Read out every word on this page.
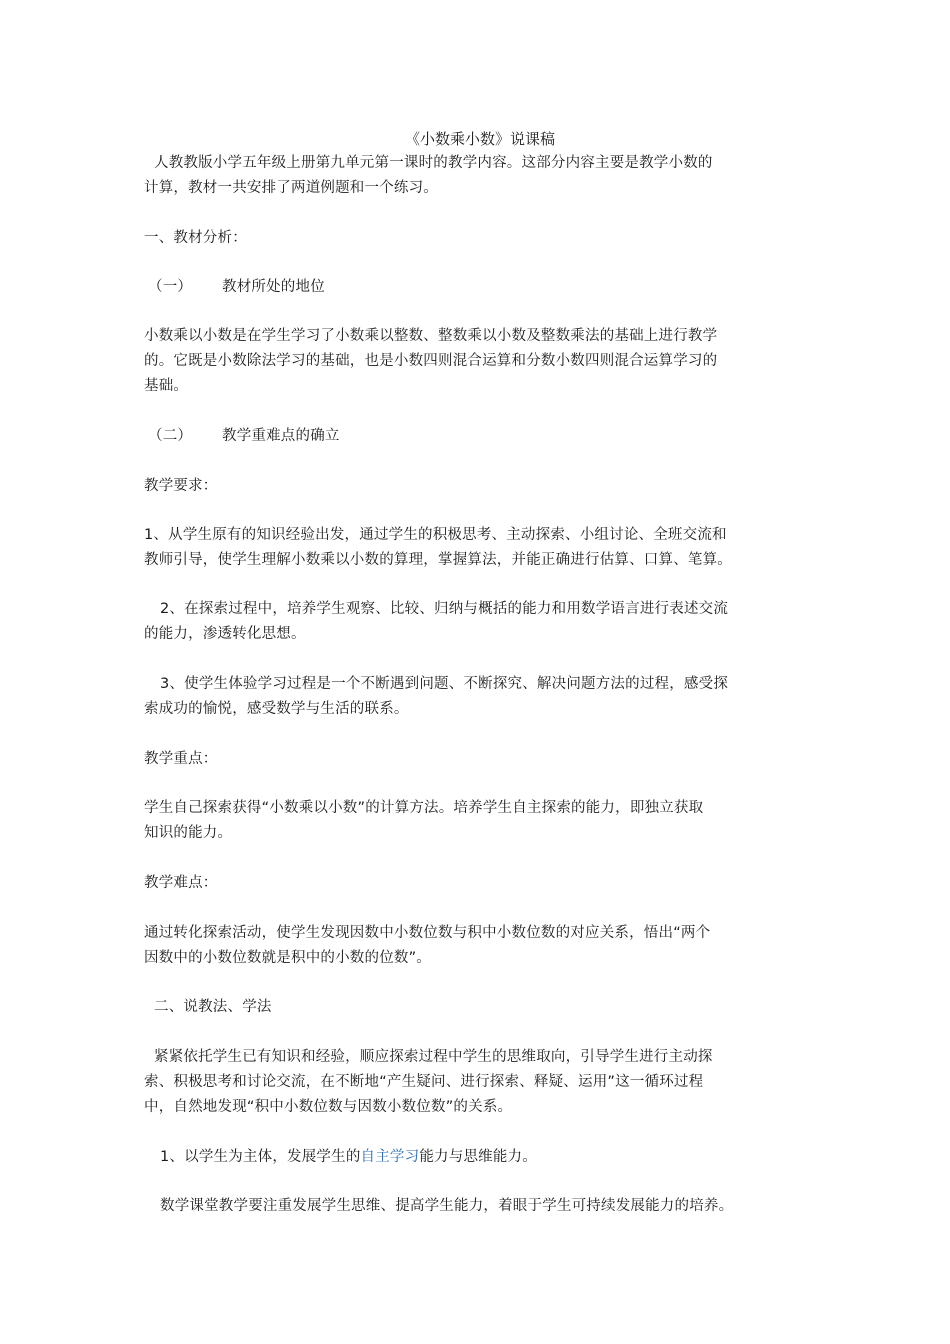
《小数乘小数》说课稿
人教教版小学五年级上册第九单元第一课时的教学内容。这部分内容主要是教学小数的
计算，教材一共安排了两道例题和一个练习。
一、教材分析：
（一） 教材所处的地位
小数乘以小数是在学生学习了小数乘以整数、整数乘以小数及整数乘法的基础上进行教学
的。它既是小数除法学习的基础，也是小数四则混合运算和分数小数四则混合运算学习的
基础。
（二） 教学重难点的确立
教学要求：
1、从学生原有的知识经验出发，通过学生的积极思考、主动探索、小组讨论、全班交流和
教师引导，使学生理解小数乘以小数的算理，掌握算法，并能正确进行估算、口算、笔算。
2、在探索过程中，培养学生观察、比较、归纳与概括的能力和用数学语言进行表述交流
的能力，渗透转化思想。
3、使学生体验学习过程是一个不断遇到问题、不断探究、解决问题方法的过程，感受探
索成功的愉悦，感受数学与生活的联系。
教学重点：
学生自己探索获得“小数乘以小数”的计算方法。培养学生自主探索的能力，即独立获取
知识的能力。
教学难点：
通过转化探索活动，使学生发现因数中小数位数与积中小数位数的对应关系，悟出“两个
因数中的小数位数就是积中的小数的位数”。
二、说教法、学法
紧紧依托学生已有知识和经验，顺应探索过程中学生的思维取向，引导学生进行主动探
索、积极思考和讨论交流，在不断地“产生疑问、进行探索、释疑、运用”这一循环过程
中，自然地发现“积中小数位数与因数小数位数”的关系。
1、以学生为主体，发展学生的自主学习能力与思维能力。
数学课堂教学要注重发展学生思维、提高学生能力，着眼于学生可持续发展能力的培养。
